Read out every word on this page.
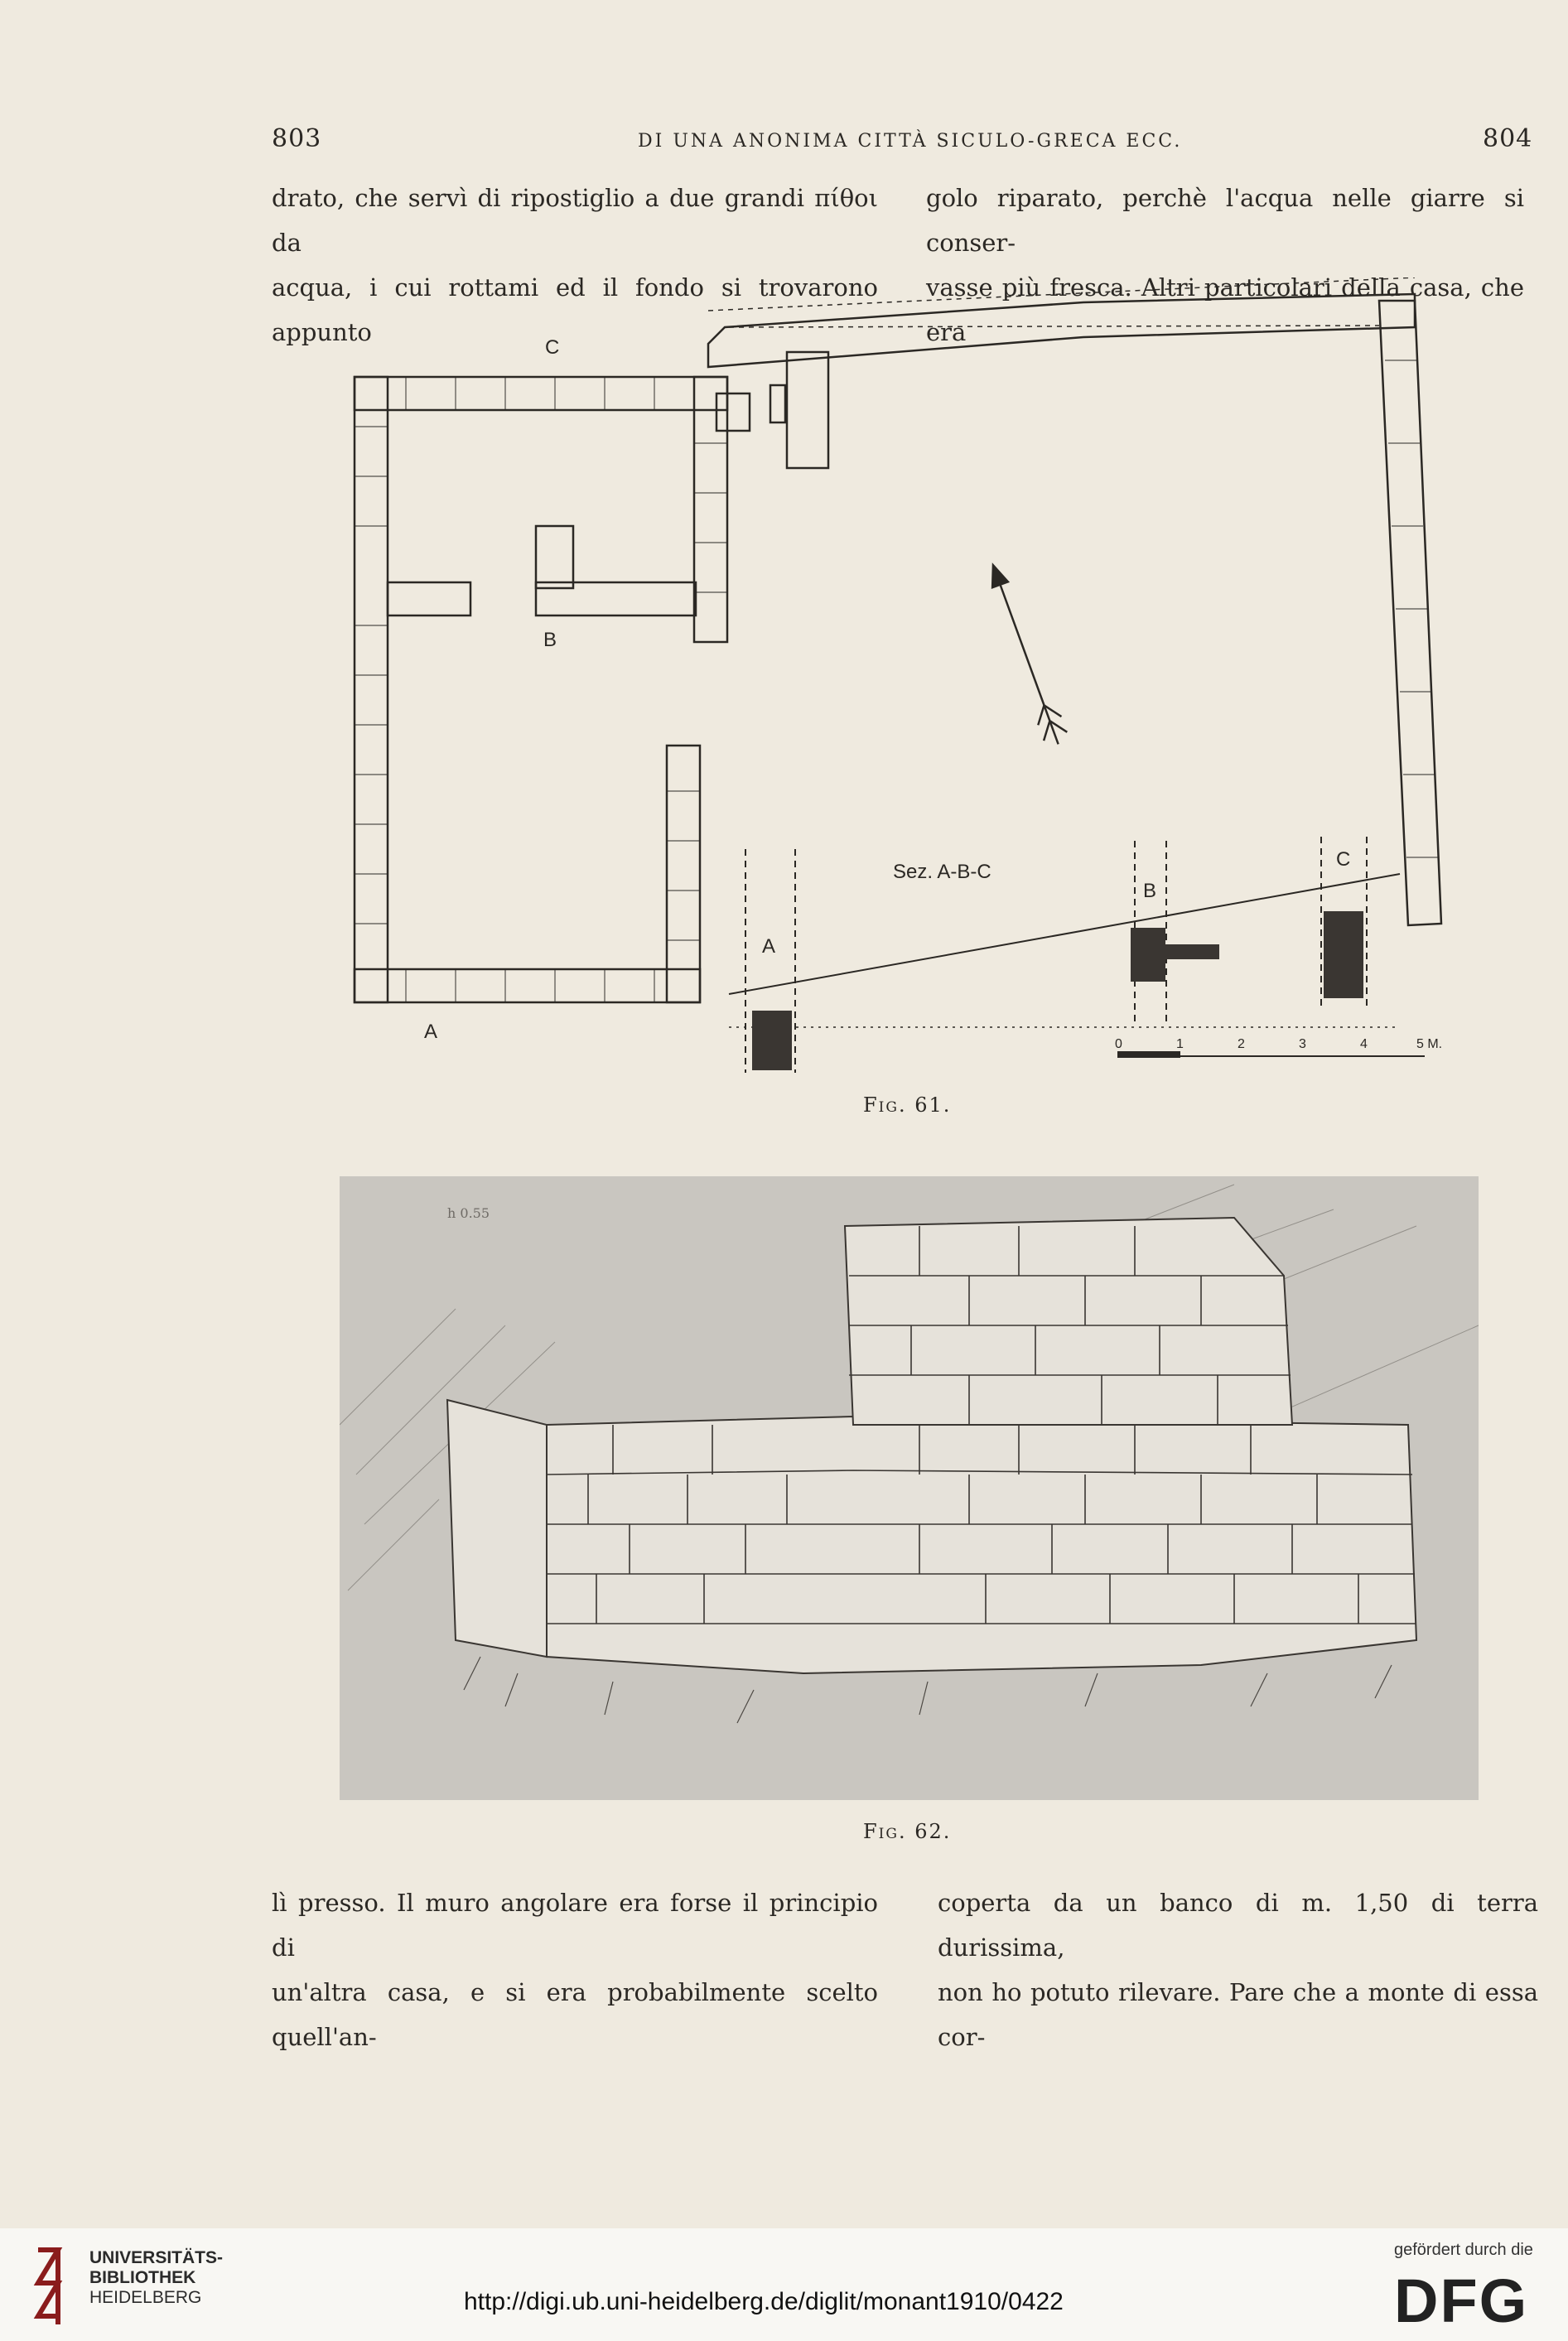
803	DI UNA ANONIMA CITTÀ SICULO-GRECA ECC.	804

drato, che servì di ripostiglio a due grandi πίθοι da

acqua, i cui rottami ed il fondo si trovarono appunto

golo riparato, perchè l'acqua nelle giarre si conser-

vasse più fresca. Altri particolari della casa, che era

C
B
A
Sez. A-B-C
A
B
C
0	1	2	3	4	5 M.
Fig. 61.
h 0.55
Fig. 62.

lì presso. Il muro angolare era forse il principio di

un'altra casa, e si era probabilmente scelto quell'an-

coperta da un banco di m. 1,50 di terra durissima,

non ho potuto rilevare. Pare che a monte di essa cor-

UNIVERSITÄTS-
BIBLIOTHEK
HEIDELBERG	http://digi.ub.uni-heidelberg.de/diglit/monant1910/0422
gefördert durch die
DFG
